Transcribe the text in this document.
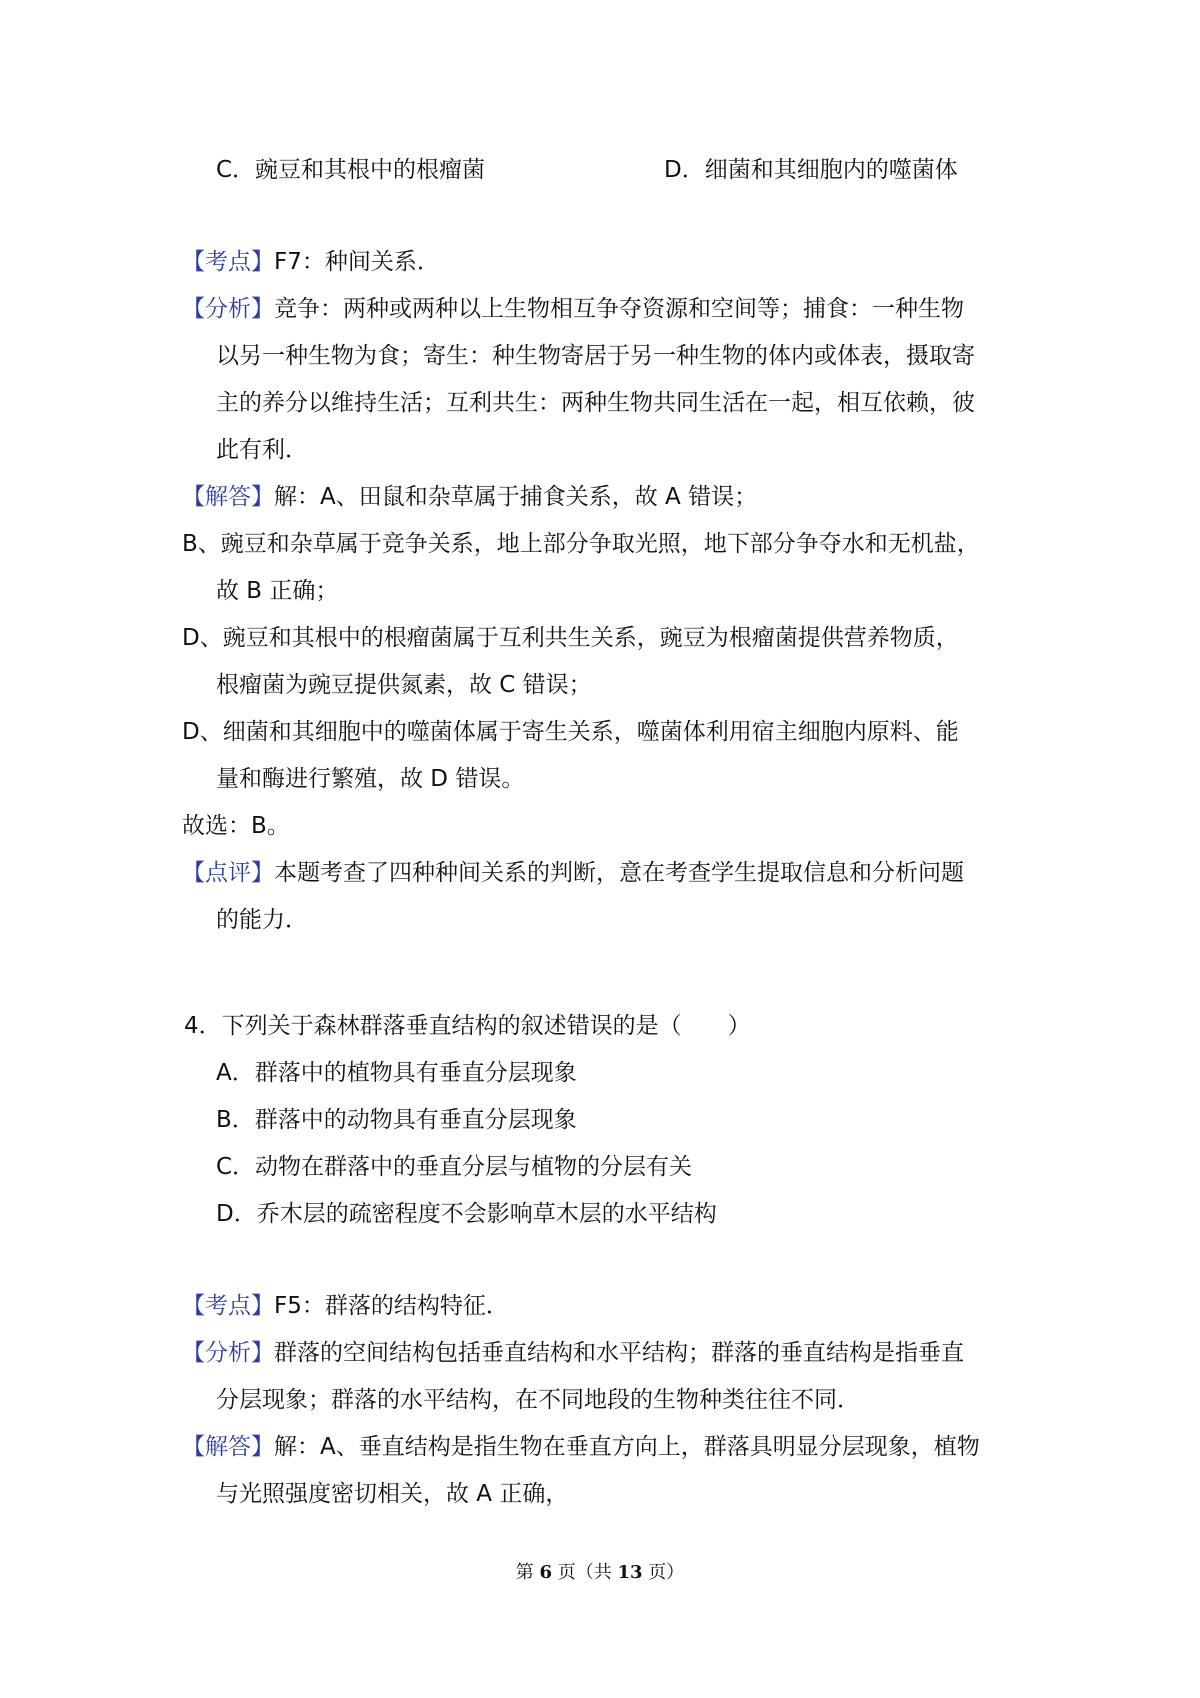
C．豌豆和其根中的根瘤菌	D．细菌和其细胞内的噬菌体
【考点】F7：种间关系．
【分析】竞争：两种或两种以上生物相互争夺资源和空间等；捕食：一种生物
以另一种生物为食；寄生：种生物寄居于另一种生物的体内或体表，摄取寄
主的养分以维持生活；互利共生：两种生物共同生活在一起，相互依赖，彼
此有利．
【解答】解：A、田鼠和杂草属于捕食关系，故 A 错误；
B、豌豆和杂草属于竞争关系，地上部分争取光照，地下部分争夺水和无机盐，
故 B 正确；
D、豌豆和其根中的根瘤菌属于互利共生关系，豌豆为根瘤菌提供营养物质，
根瘤菌为豌豆提供氮素，故 C 错误；
D、细菌和其细胞中的噬菌体属于寄生关系，噬菌体利用宿主细胞内原料、能
量和酶进行繁殖，故 D 错误。
故选：B。
【点评】本题考查了四种种间关系的判断，意在考查学生提取信息和分析问题
的能力．
4．下列关于森林群落垂直结构的叙述错误的是（　　）
A．群落中的植物具有垂直分层现象
B．群落中的动物具有垂直分层现象
C．动物在群落中的垂直分层与植物的分层有关
D．乔木层的疏密程度不会影响草木层的水平结构
【考点】F5：群落的结构特征．
【分析】群落的空间结构包括垂直结构和水平结构；群落的垂直结构是指垂直
分层现象；群落的水平结构，在不同地段的生物种类往往不同．
【解答】解：A、垂直结构是指生物在垂直方向上，群落具明显分层现象，植物
与光照强度密切相关，故 A 正确，
第 6 页（共 13 页）
